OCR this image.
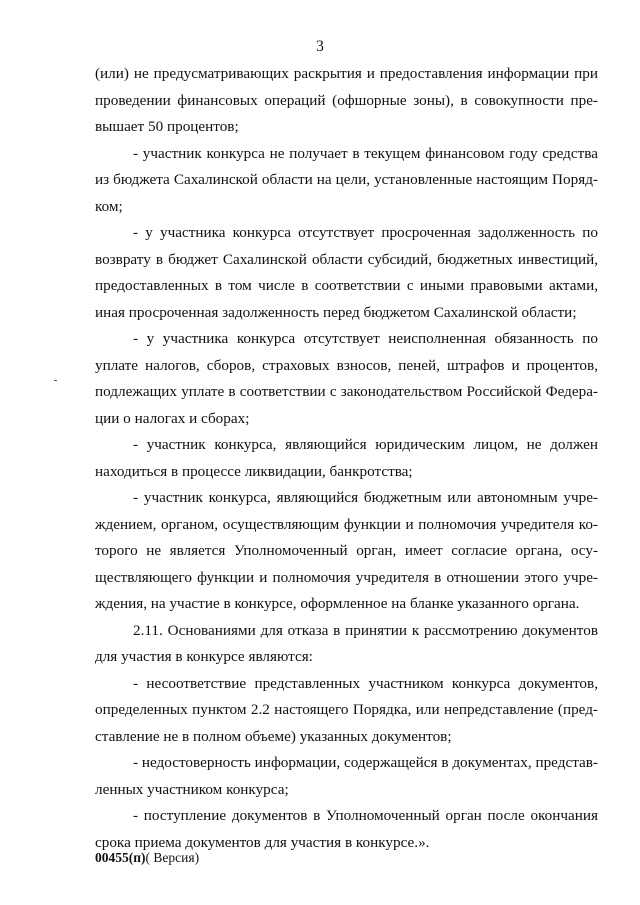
3
(или) не предусматривающих раскрытия и предоставления информации при
проведении финансовых операций (офшорные зоны), в совокупности пре-
вышает 50 процентов;
- участник конкурса не получает в текущем финансовом году средства
из бюджета Сахалинской области на цели, установленные настоящим Поряд-
ком;
- у участника конкурса отсутствует просроченная задолженность по
возврату в бюджет Сахалинской области субсидий, бюджетных инвестиций,
предоставленных в том числе в соответствии с иными правовыми актами,
иная просроченная задолженность перед бюджетом Сахалинской области;
- у участника конкурса отсутствует неисполненная обязанность по
уплате налогов, сборов, страховых взносов, пеней, штрафов и процентов,
подлежащих уплате в соответствии с законодательством Российской Федера-
ции о налогах и сборах;
- участник конкурса, являющийся юридическим лицом, не должен
находиться в процессе ликвидации, банкротства;
- участник конкурса, являющийся бюджетным или автономным учре-
ждением, органом, осуществляющим функции и полномочия учредителя ко-
торого не является Уполномоченный орган, имеет согласие органа, осу-
ществляющего функции и полномочия учредителя в отношении этого учре-
ждения, на участие в конкурсе, оформленное на бланке указанного органа.
2.11. Основаниями для отказа в принятии к рассмотрению документов
для участия в конкурсе являются:
- несоответствие представленных участником конкурса документов,
определенных пунктом 2.2 настоящего Порядка, или непредставление (пред-
ставление не в полном объеме) указанных документов;
- недостоверность информации, содержащейся в документах, представ-
ленных участником конкурса;
- поступление документов в Уполномоченный орган после окончания
срока приема документов для участия в конкурсе.».
00455(п)( Версия)
